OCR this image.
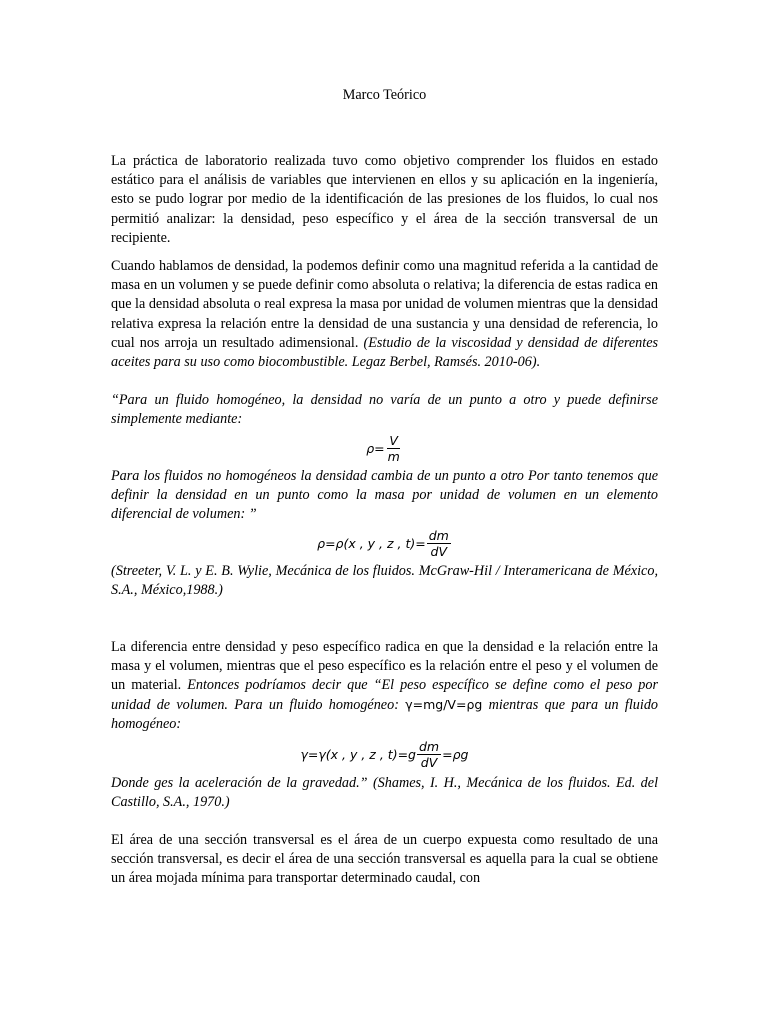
Marco Teórico

La práctica de laboratorio realizada tuvo como objetivo comprender los fluidos en estado estático para el análisis de variables que intervienen en ellos y su aplicación en la ingeniería, esto se pudo lograr por medio de la identificación de las presiones de los fluidos, lo cual nos permitió analizar: la densidad, peso específico y el área de la sección transversal de un recipiente.

Cuando hablamos de densidad, la podemos definir como una magnitud referida a la cantidad de masa en un volumen y se puede definir como absoluta o relativa; la diferencia de estas radica en que la densidad absoluta o real expresa la masa por unidad de volumen mientras que la densidad relativa expresa la relación entre la densidad de una sustancia y una densidad de referencia, lo cual nos arroja un resultado adimensional. (Estudio de la viscosidad y densidad de diferentes aceites para su uso como biocombustible. Legaz Berbel, Ramsés. 2010-06).

“Para un fluido homogéneo, la densidad no varía de un punto a otro y puede definirse simplemente mediante:

$\rho= \frac{V}{m}$

Para los fluidos no homogéneos la densidad cambia de un punto a otro Por tanto tenemos que definir la densidad en un punto como la masa por unidad de volumen en un elemento diferencial de volumen: ”

ρ=ρ(x , y , z , $t)= \frac{dm}{dV}$

(Streeter, V. L. y E. B. Wylie, Mecánica de los fluidos. McGraw-Hil / Interamericana de México, S.A., México,1988.)

La diferencia entre densidad y peso específico radica en que la densidad e la relación entre la masa y el volumen, mientras que el peso específico es la relación entre el peso y el volumen de un material. Entonces podríamos decir que “El peso específico se define como el peso por unidad de volumen. Para un fluido homogéneo: γ=mg/V=ρg mientras que para un fluido homogéneo:

γ=γ(x , y , z , $t)=g \frac{dm}{dV} =\rho g$

Donde ges la aceleración de la gravedad.” (Shames, I. H., Mecánica de los fluidos. Ed. del Castillo, S.A., 1970.)

El área de una sección transversal es el área de un cuerpo expuesta como resultado de una sección transversal, es decir el área de una sección transversal es aquella para la cual se obtiene un área mojada mínima para transportar determinado caudal, con
